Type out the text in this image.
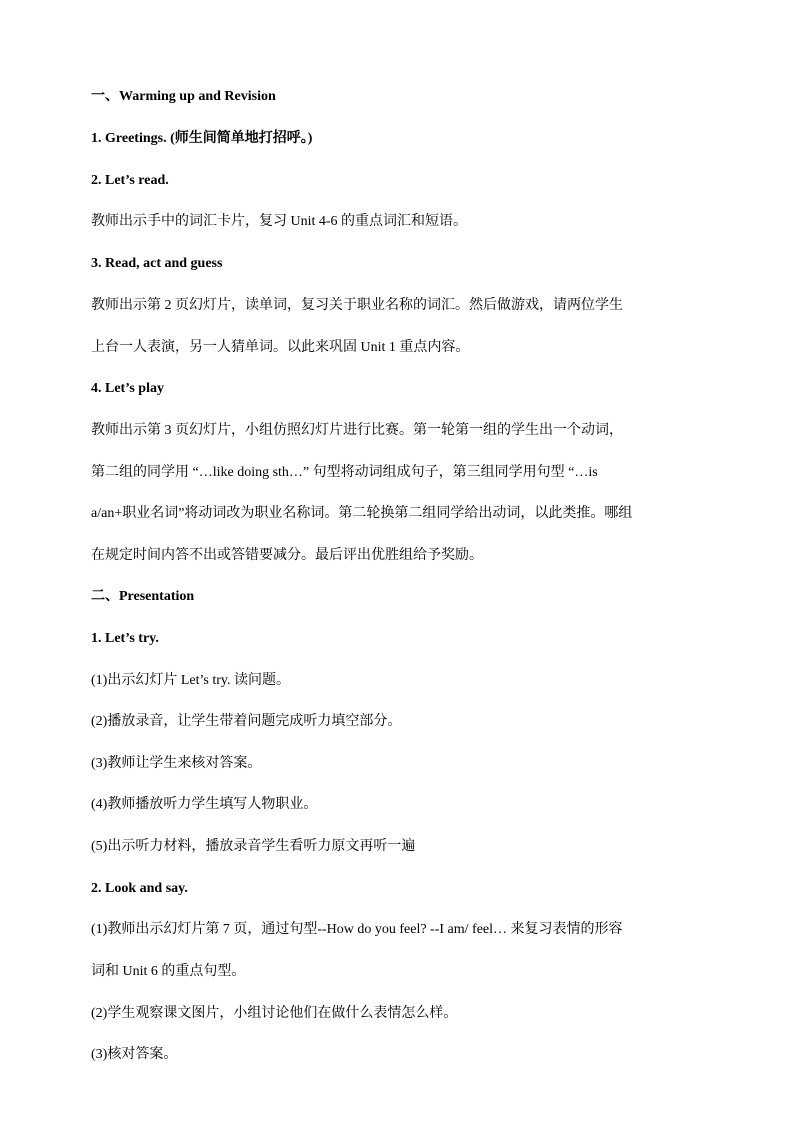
一、Warming up and Revision
1. Greetings. (师生间简单地打招呼。)
2. Let’s read.
教师出示手中的词汇卡片，复习 Unit 4-6 的重点词汇和短语。
3. Read, act and guess
教师出示第 2 页幻灯片，读单词，复习关于职业名称的词汇。然后做游戏，请两位学生
上台一人表演，另一人猜单词。以此来巩固 Unit 1 重点内容。
4. Let’s play
教师出示第 3 页幻灯片，小组仿照幻灯片进行比赛。第一轮第一组的学生出一个动词，
第二组的同学用 “…like doing sth…” 句型将动词组成句子，第三组同学用句型 “…is
a/an+职业名词”将动词改为职业名称词。第二轮换第二组同学给出动词，以此类推。哪组
在规定时间内答不出或答错要减分。最后评出优胜组给予奖励。
二、Presentation
1. Let’s try.
(1)出示幻灯片 Let’s try. 读问题。
(2)播放录音，让学生带着问题完成听力填空部分。
(3)教师让学生来核对答案。
(4)教师播放听力学生填写人物职业。
(5)出示听力材料，播放录音学生看听力原文再听一遍
2. Look and say.
(1)教师出示幻灯片第 7 页，通过句型--How do you feel? --I am/ feel… 来复习表情的形容
词和 Unit 6 的重点句型。
(2)学生观察课文图片，小组讨论他们在做什么表情怎么样。
(3)核对答案。
